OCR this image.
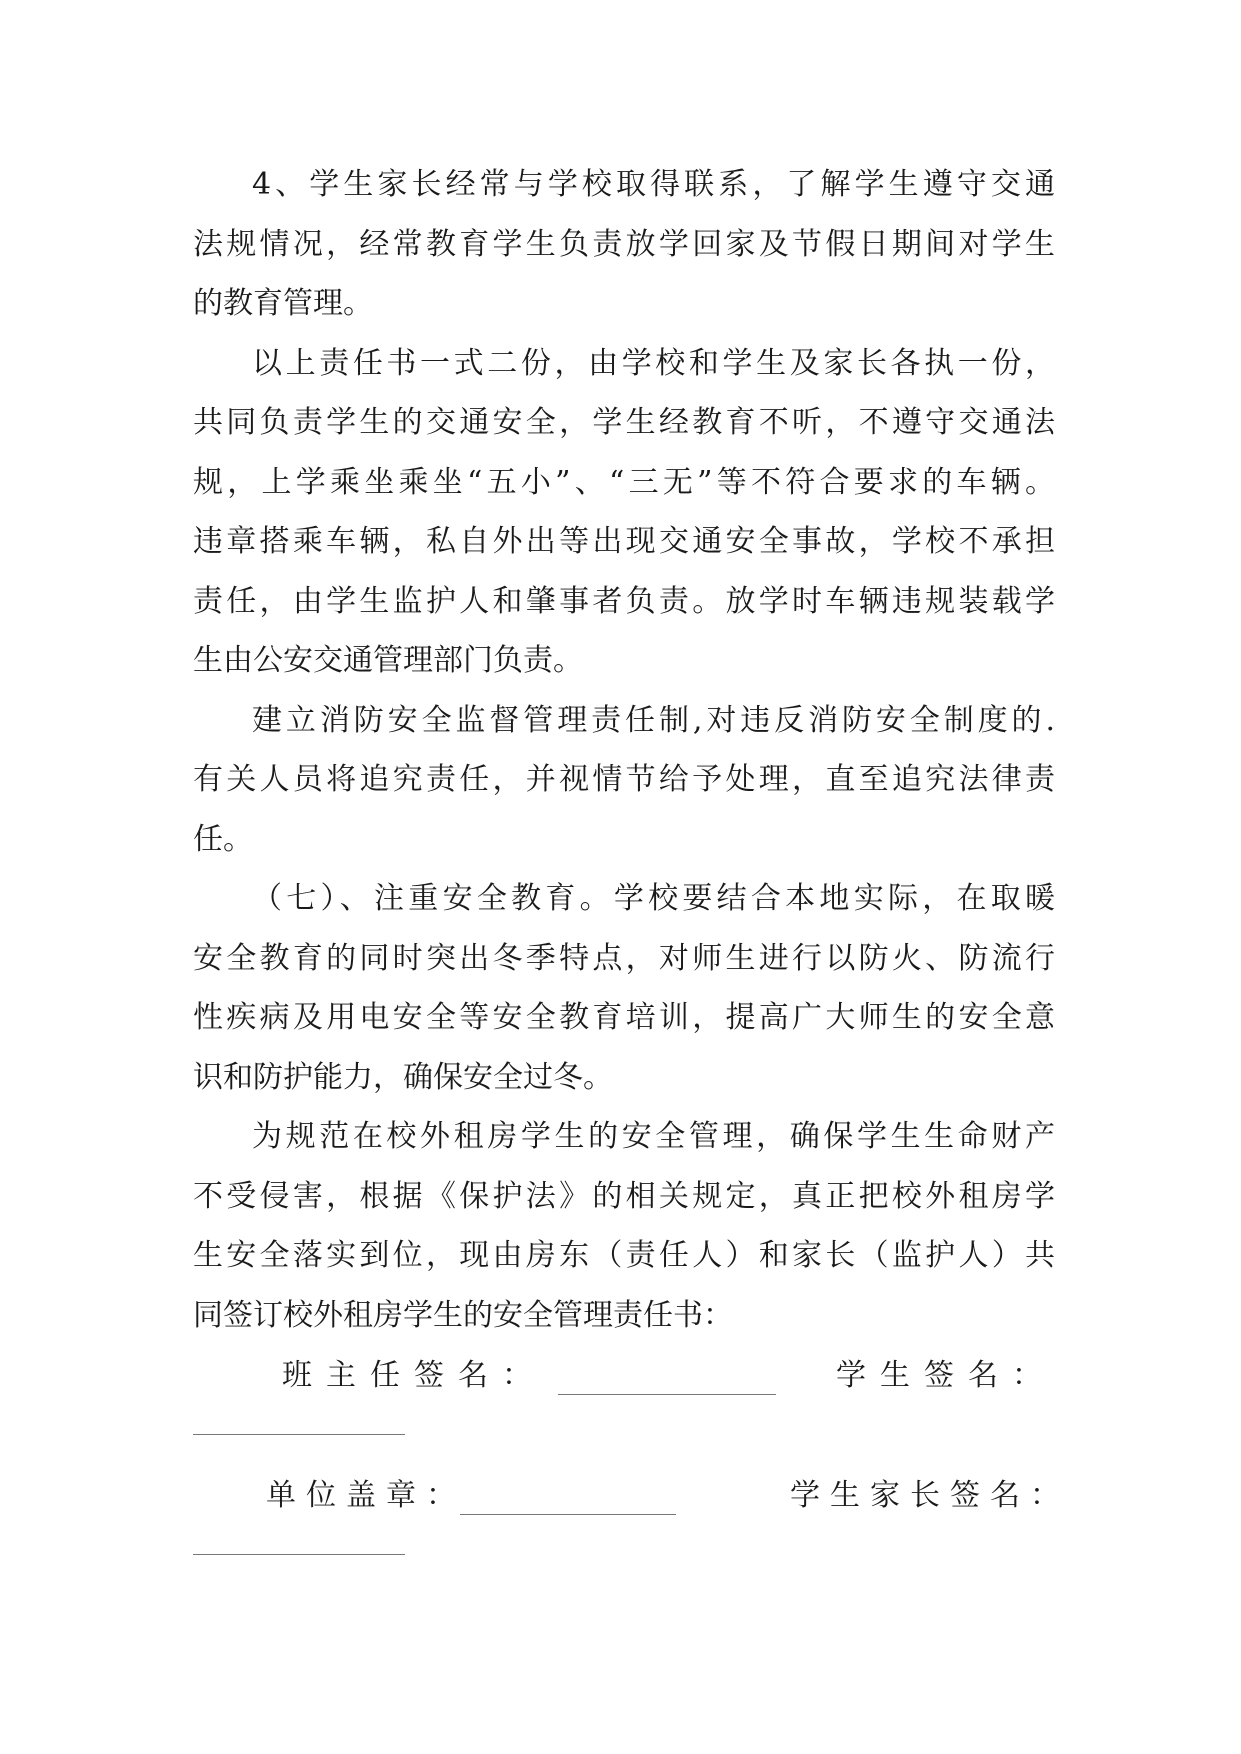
4、学生家长经常与学校取得联系，了解学生遵守交通
法规情况，经常教育学生负责放学回家及节假日期间对学生
的教育管理。
以上责任书一式二份，由学校和学生及家长各执一份，
共同负责学生的交通安全，学生经教育不听，不遵守交通法
规，上学乘坐乘坐“五小”、“三无”等不符合要求的车辆。
违章搭乘车辆，私自外出等出现交通安全事故，学校不承担
责任，由学生监护人和肇事者负责。放学时车辆违规装载学
生由公安交通管理部门负责。
建立消防安全监督管理责任制,对违反消防安全制度的.
有关人员将追究责任，并视情节给予处理，直至追究法律责
任。
（七）、注重安全教育。学校要结合本地实际，在取暖
安全教育的同时突出冬季特点，对师生进行以防火、防流行
性疾病及用电安全等安全教育培训，提高广大师生的安全意
识和防护能力，确保安全过冬。
为规范在校外租房学生的安全管理，确保学生生命财产
不受侵害，根据《保护法》的相关规定，真正把校外租房学
生安全落实到位，现由房东（责任人）和家长（监护人）共
同签订校外租房学生的安全管理责任书：
班主任签名：	学生签名：
单位盖章：	学生家长签名：
